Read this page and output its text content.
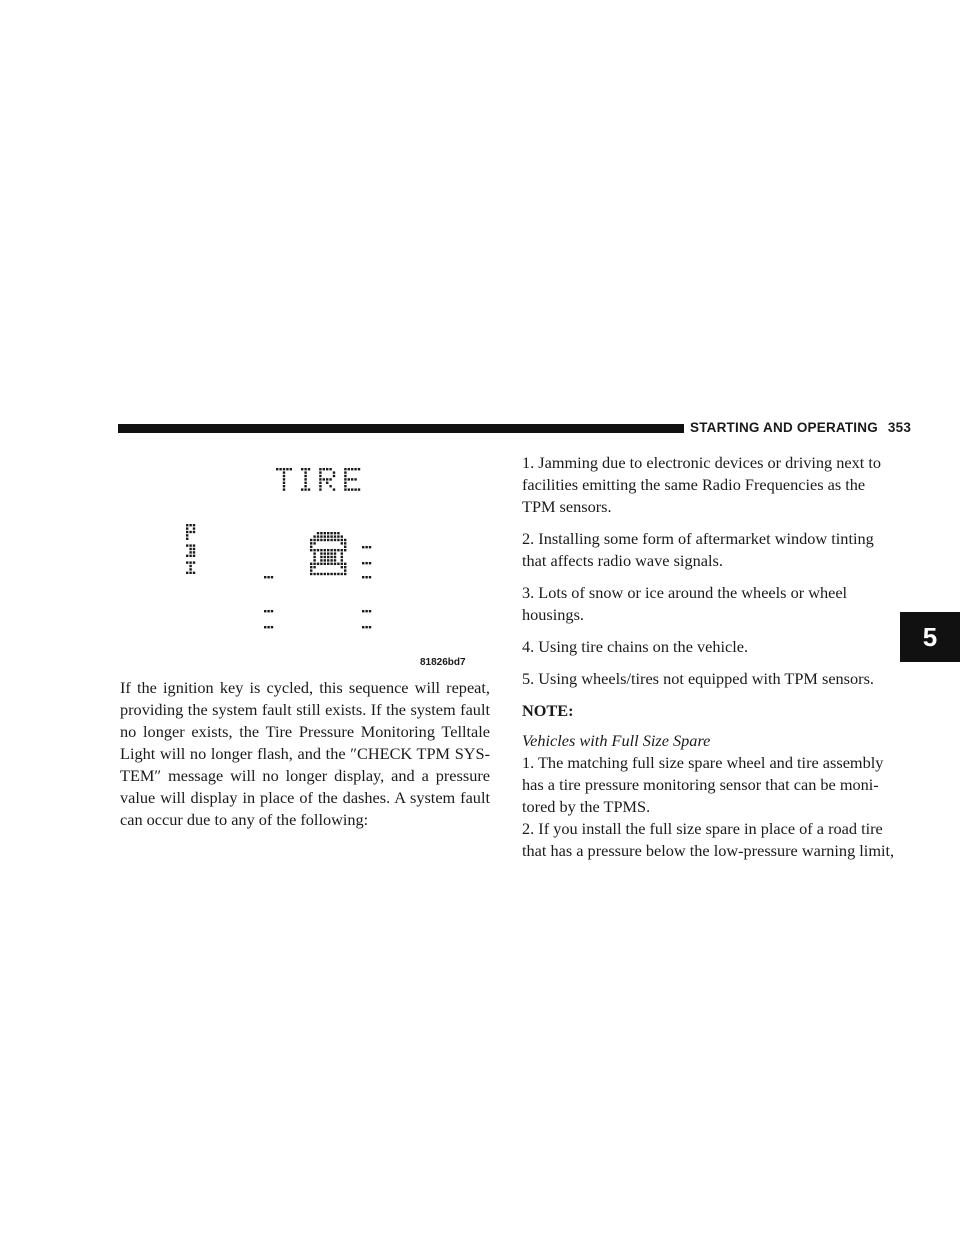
STARTING AND OPERATING 353
5
81826bd7

If the ignition key is cycled, this sequence will repeat, providing the system fault still exists. If the system fault no longer exists, the Tire Pressure Monitoring Telltale Light will no longer flash, and the ″CHECK TPM SYS-TEM″ message will no longer display, and a pressure value will display in place of the dashes. A system fault can occur due to any of the following:

1. Jamming due to electronic devices or driving next to facilities emitting the same Radio Frequencies as the TPM sensors.

2. Installing some form of aftermarket window tinting that affects radio wave signals.

3. Lots of snow or ice around the wheels or wheel housings.

4. Using tire chains on the vehicle.

5. Using wheels/tires not equipped with TPM sensors.

NOTE:

Vehicles with Full Size Spare

1. The matching full size spare wheel and tire assembly has a tire pressure monitoring sensor that can be moni-tored by the TPMS.

2. If you install the full size spare in place of a road tire that has a pressure below the low-pressure warning limit,
